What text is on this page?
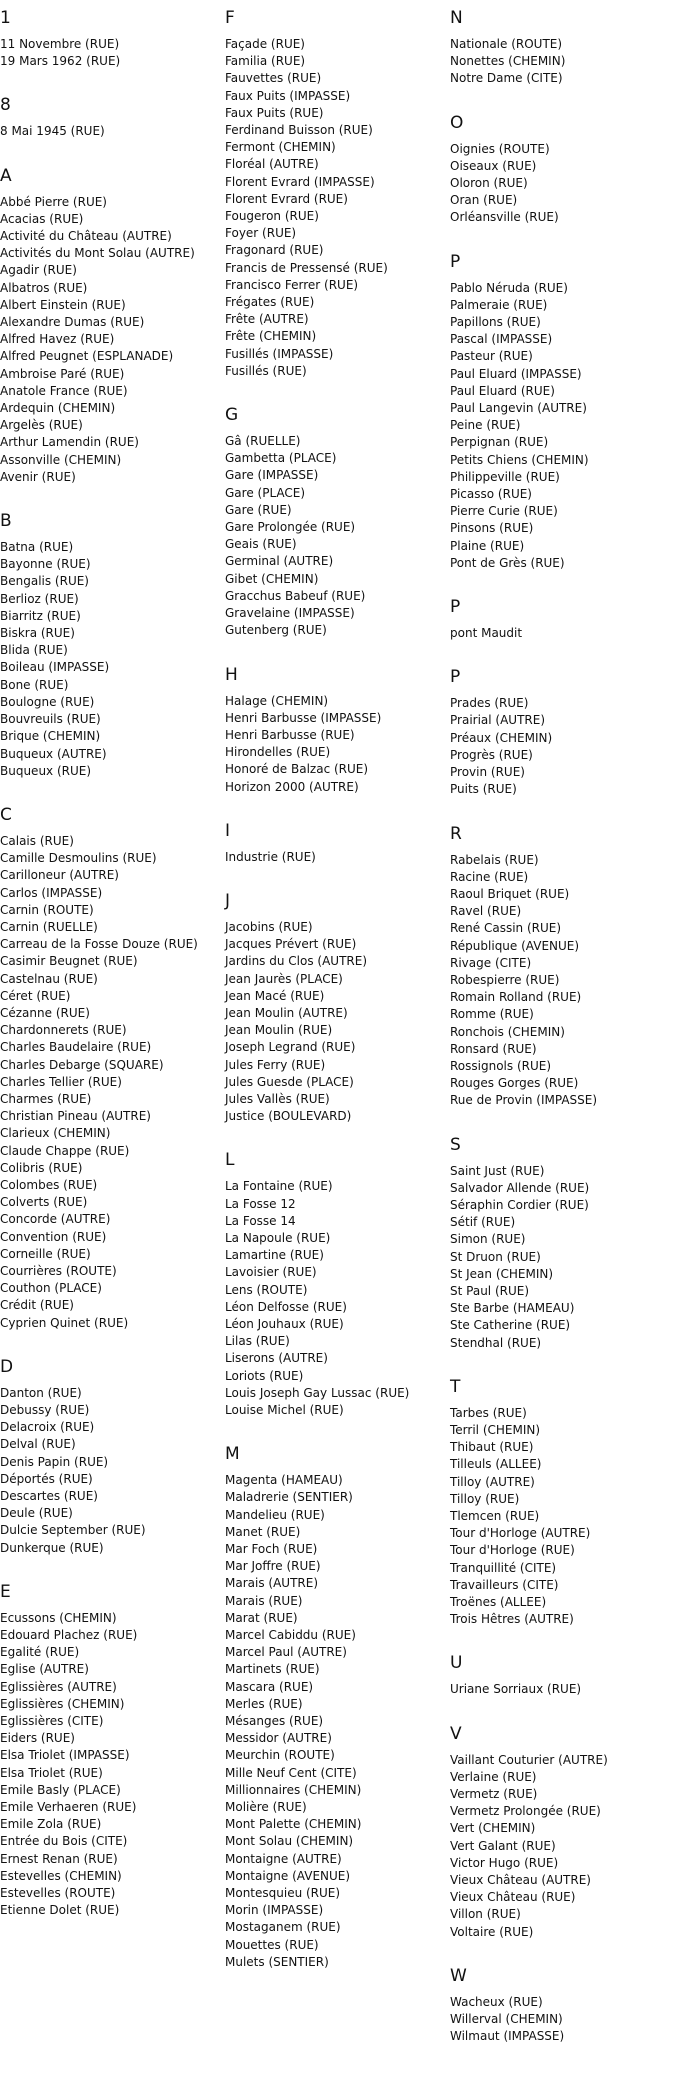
1
11 Novembre (RUE)
19 Mars 1962 (RUE)
8
8 Mai 1945 (RUE)
A
Abbé Pierre (RUE)
Acacias (RUE)
Activité du Château (AUTRE)
Activités du Mont Solau (AUTRE)
Agadir (RUE)
Albatros (RUE)
Albert Einstein (RUE)
Alexandre Dumas (RUE)
Alfred Havez (RUE)
Alfred Peugnet (ESPLANADE)
Ambroise Paré (RUE)
Anatole France (RUE)
Ardequin (CHEMIN)
Argelès (RUE)
Arthur Lamendin (RUE)
Assonville (CHEMIN)
Avenir (RUE)
B
Batna (RUE)
Bayonne (RUE)
Bengalis (RUE)
Berlioz (RUE)
Biarritz (RUE)
Biskra (RUE)
Blida (RUE)
Boileau (IMPASSE)
Bone (RUE)
Boulogne (RUE)
Bouvreuils (RUE)
Brique (CHEMIN)
Buqueux (AUTRE)
Buqueux (RUE)
C
Calais (RUE)
Camille Desmoulins (RUE)
Carilloneur (AUTRE)
Carlos (IMPASSE)
Carnin (ROUTE)
Carnin (RUELLE)
Carreau de la Fosse Douze (RUE)
Casimir Beugnet (RUE)
Castelnau (RUE)
Céret (RUE)
Cézanne (RUE)
Chardonnerets (RUE)
Charles Baudelaire (RUE)
Charles Debarge (SQUARE)
Charles Tellier (RUE)
Charmes (RUE)
Christian Pineau (AUTRE)
Clarieux (CHEMIN)
Claude Chappe (RUE)
Colibris (RUE)
Colombes (RUE)
Colverts (RUE)
Concorde (AUTRE)
Convention (RUE)
Corneille (RUE)
Courrières (ROUTE)
Couthon (PLACE)
Crédit (RUE)
Cyprien Quinet (RUE)
D
Danton (RUE)
Debussy (RUE)
Delacroix (RUE)
Delval (RUE)
Denis Papin (RUE)
Déportés (RUE)
Descartes (RUE)
Deule (RUE)
Dulcie September (RUE)
Dunkerque (RUE)
E
Ecussons (CHEMIN)
Edouard Plachez (RUE)
Egalité (RUE)
Eglise (AUTRE)
Eglissières (AUTRE)
Eglissières (CHEMIN)
Eglissières (CITE)
Eiders (RUE)
Elsa Triolet (IMPASSE)
Elsa Triolet (RUE)
Emile Basly (PLACE)
Emile Verhaeren (RUE)
Emile Zola (RUE)
Entrée du Bois (CITE)
Ernest Renan (RUE)
Estevelles (CHEMIN)
Estevelles (ROUTE)
Etienne Dolet (RUE)
F
Façade (RUE)
Familia (RUE)
Fauvettes (RUE)
Faux Puits (IMPASSE)
Faux Puits (RUE)
Ferdinand Buisson (RUE)
Fermont (CHEMIN)
Floréal (AUTRE)
Florent Evrard (IMPASSE)
Florent Evrard (RUE)
Fougeron (RUE)
Foyer (RUE)
Fragonard (RUE)
Francis de Pressensé (RUE)
Francisco Ferrer (RUE)
Frégates (RUE)
Frête (AUTRE)
Frête (CHEMIN)
Fusillés (IMPASSE)
Fusillés (RUE)
G
Gâ (RUELLE)
Gambetta (PLACE)
Gare (IMPASSE)
Gare (PLACE)
Gare (RUE)
Gare Prolongée (RUE)
Geais (RUE)
Germinal (AUTRE)
Gibet (CHEMIN)
Gracchus Babeuf (RUE)
Gravelaine (IMPASSE)
Gutenberg (RUE)
H
Halage (CHEMIN)
Henri Barbusse (IMPASSE)
Henri Barbusse (RUE)
Hirondelles (RUE)
Honoré de Balzac (RUE)
Horizon 2000 (AUTRE)
I
Industrie (RUE)
J
Jacobins (RUE)
Jacques Prévert (RUE)
Jardins du Clos (AUTRE)
Jean Jaurès (PLACE)
Jean Macé (RUE)
Jean Moulin (AUTRE)
Jean Moulin (RUE)
Joseph Legrand (RUE)
Jules Ferry (RUE)
Jules Guesde (PLACE)
Jules Vallès (RUE)
Justice (BOULEVARD)
L
La Fontaine (RUE)
La Fosse 12
La Fosse 14
La Napoule (RUE)
Lamartine (RUE)
Lavoisier (RUE)
Lens (ROUTE)
Léon Delfosse (RUE)
Léon Jouhaux (RUE)
Lilas (RUE)
Liserons (AUTRE)
Loriots (RUE)
Louis Joseph Gay Lussac (RUE)
Louise Michel (RUE)
M
Magenta (HAMEAU)
Maladrerie (SENTIER)
Mandelieu (RUE)
Manet (RUE)
Mar Foch (RUE)
Mar Joffre (RUE)
Marais (AUTRE)
Marais (RUE)
Marat (RUE)
Marcel Cabiddu (RUE)
Marcel Paul (AUTRE)
Martinets (RUE)
Mascara (RUE)
Merles (RUE)
Mésanges (RUE)
Messidor (AUTRE)
Meurchin (ROUTE)
Mille Neuf Cent (CITE)
Millionnaires (CHEMIN)
Molière (RUE)
Mont Palette (CHEMIN)
Mont Solau (CHEMIN)
Montaigne (AUTRE)
Montaigne (AVENUE)
Montesquieu (RUE)
Morin (IMPASSE)
Mostaganem (RUE)
Mouettes (RUE)
Mulets (SENTIER)
N
Nationale (ROUTE)
Nonettes (CHEMIN)
Notre Dame (CITE)
O
Oignies (ROUTE)
Oiseaux (RUE)
Oloron (RUE)
Oran (RUE)
Orléansville (RUE)
P
Pablo Néruda (RUE)
Palmeraie (RUE)
Papillons (RUE)
Pascal (IMPASSE)
Pasteur (RUE)
Paul Eluard (IMPASSE)
Paul Eluard (RUE)
Paul Langevin (AUTRE)
Peine (RUE)
Perpignan (RUE)
Petits Chiens (CHEMIN)
Philippeville (RUE)
Picasso (RUE)
Pierre Curie (RUE)
Pinsons (RUE)
Plaine (RUE)
Pont de Grès (RUE)
P
pont Maudit
P
Prades (RUE)
Prairial (AUTRE)
Préaux (CHEMIN)
Progrès (RUE)
Provin (RUE)
Puits (RUE)
R
Rabelais (RUE)
Racine (RUE)
Raoul Briquet (RUE)
Ravel (RUE)
René Cassin (RUE)
République (AVENUE)
Rivage (CITE)
Robespierre (RUE)
Romain Rolland (RUE)
Romme (RUE)
Ronchois (CHEMIN)
Ronsard (RUE)
Rossignols (RUE)
Rouges Gorges (RUE)
Rue de Provin (IMPASSE)
S
Saint Just (RUE)
Salvador Allende (RUE)
Séraphin Cordier (RUE)
Sétif (RUE)
Simon (RUE)
St Druon (RUE)
St Jean (CHEMIN)
St Paul (RUE)
Ste Barbe (HAMEAU)
Ste Catherine (RUE)
Stendhal (RUE)
T
Tarbes (RUE)
Terril (CHEMIN)
Thibaut (RUE)
Tilleuls (ALLEE)
Tilloy (AUTRE)
Tilloy (RUE)
Tlemcen (RUE)
Tour d'Horloge (AUTRE)
Tour d'Horloge (RUE)
Tranquillité (CITE)
Travailleurs (CITE)
Troënes (ALLEE)
Trois Hêtres (AUTRE)
U
Uriane Sorriaux (RUE)
V
Vaillant Couturier (AUTRE)
Verlaine (RUE)
Vermetz (RUE)
Vermetz Prolongée (RUE)
Vert (CHEMIN)
Vert Galant (RUE)
Victor Hugo (RUE)
Vieux Château (AUTRE)
Vieux Château (RUE)
Villon (RUE)
Voltaire (RUE)
W
Wacheux (RUE)
Willerval (CHEMIN)
Wilmaut (IMPASSE)
